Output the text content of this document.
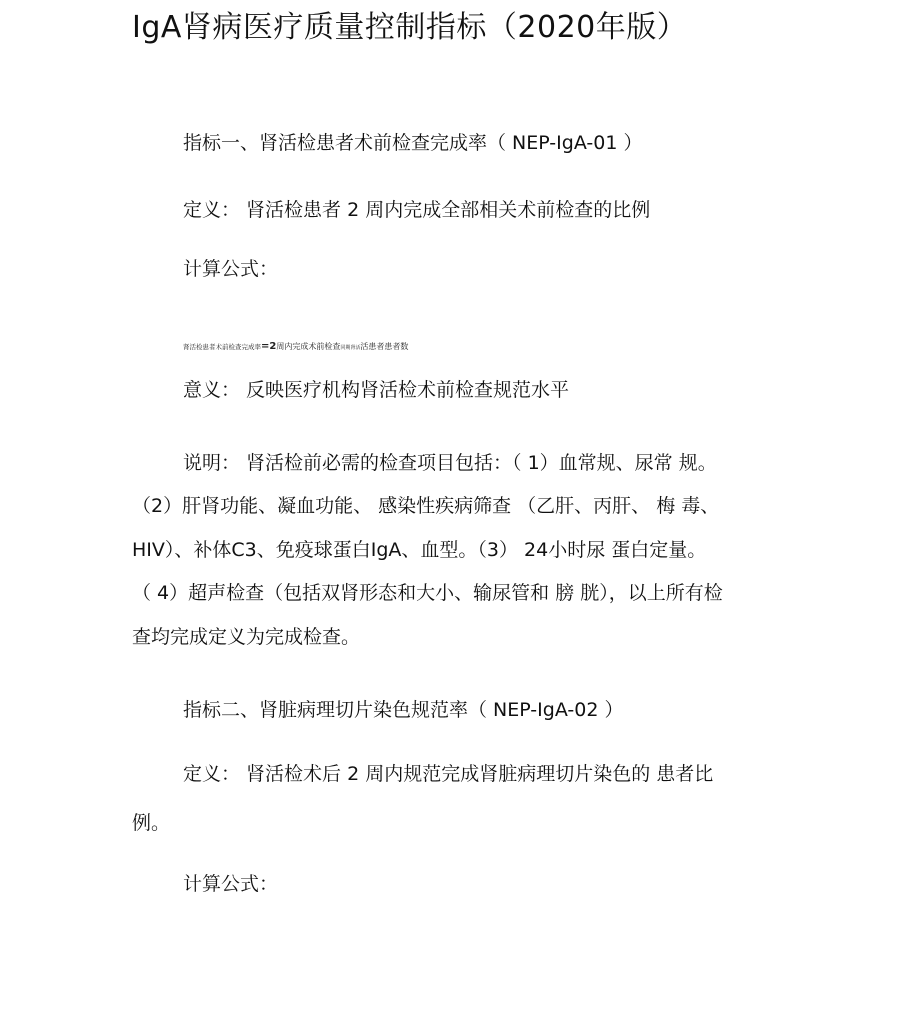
IgA肾病医疗质量控制指标（2020年版）
指标一、肾活检患者术前检查完成率（ NEP-IgA-01 ）
定义： 肾活检患者 2 周内完成全部相关术前检查的比例
计算公式：
肾活检患者术前检查完成率=2周内完成术前检查同期肾活活患者患者数
意义： 反映医疗机构肾活检术前检查规范水平
说明： 肾活检前必需的检查项目包括：（ 1）血常规、尿常 规。
（2）肝肾功能、凝血功能、 感染性疾病筛查 （乙肝、丙肝、 梅 毒、
HIV）、补体C3、免疫球蛋白IgA、血型。（3） 24小时尿 蛋白定量。
（ 4）超声检查（包括双肾形态和大小、输尿管和 膀 胱），以上所有检
查均完成定义为完成检查。
指标二、肾脏病理切片染色规范率（ NEP-IgA-02 ）
定义： 肾活检术后 2 周内规范完成肾脏病理切片染色的 患者比
例。
计算公式：
